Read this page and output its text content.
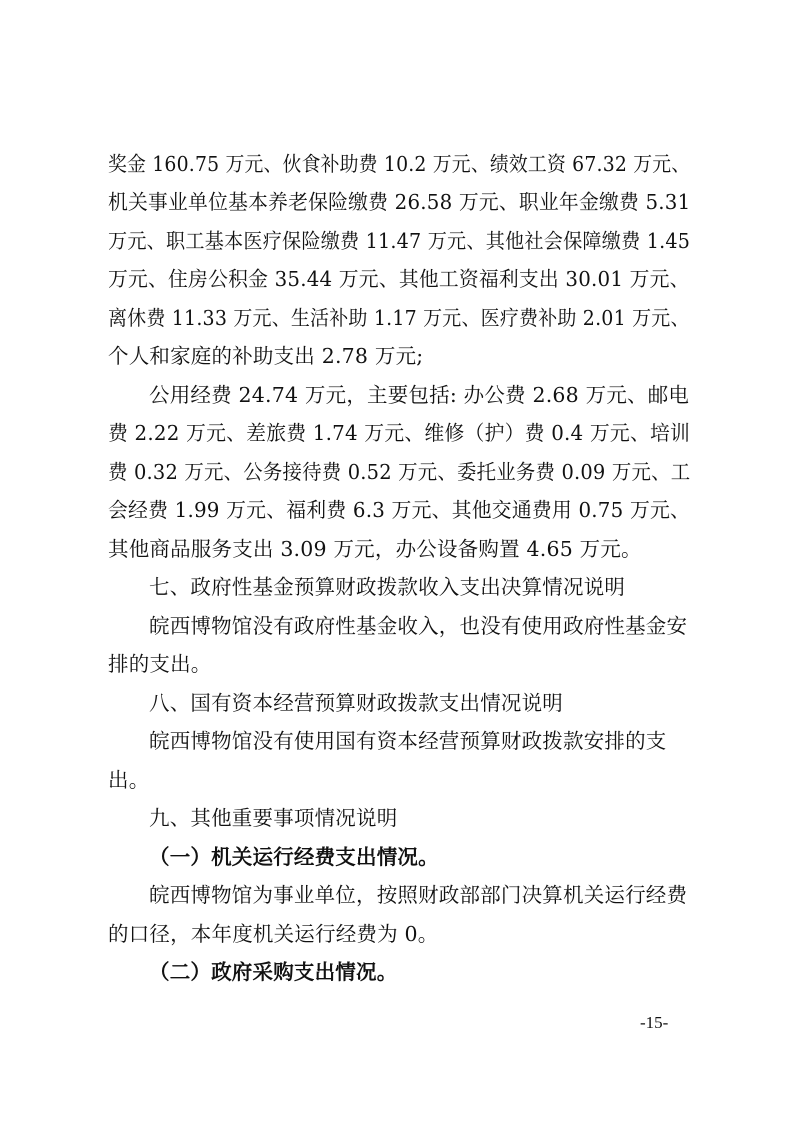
奖金 160.75 万元、伙食补助费 10.2 万元、绩效工资 67.32 万元、
机关事业单位基本养老保险缴费 26.58 万元、职业年金缴费 5.31
万元、职工基本医疗保险缴费 11.47 万元、其他社会保障缴费 1.45
万元、住房公积金 35.44 万元、其他工资福利支出 30.01 万元、
离休费 11.33 万元、生活补助 1.17 万元、医疗费补助 2.01 万元、
个人和家庭的补助支出 2.78 万元;
公用经费 24.74 万元，主要包括: 办公费 2.68 万元、邮电
费 2.22 万元、差旅费 1.74 万元、维修（护）费 0.4 万元、培训
费 0.32 万元、公务接待费 0.52 万元、委托业务费 0.09 万元、工
会经费 1.99 万元、福利费 6.3 万元、其他交通费用 0.75 万元、
其他商品服务支出 3.09 万元，办公设备购置 4.65 万元。
七、政府性基金预算财政拨款收入支出决算情况说明
皖西博物馆没有政府性基金收入，也没有使用政府性基金安
排的支出。
八、国有资本经营预算财政拨款支出情况说明
皖西博物馆没有使用国有资本经营预算财政拨款安排的支
出。
九、其他重要事项情况说明
（一）机关运行经费支出情况。
皖西博物馆为事业单位，按照财政部部门决算机关运行经费
的口径，本年度机关运行经费为 0。
（二）政府采购支出情况。
-15-
